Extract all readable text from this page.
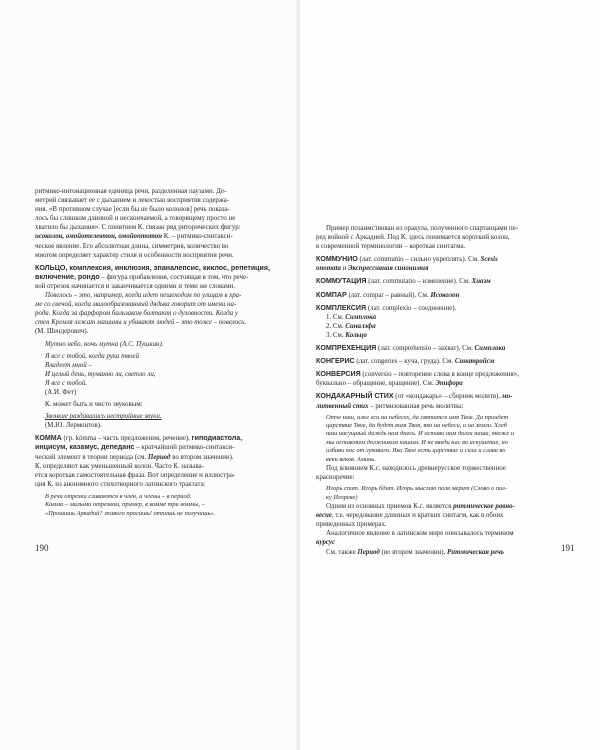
ритмико-интонационная единица речи, разделенная паузами. Де-

метрий связывает ее с дыханием и лекостью восприятия содержа-

ния. «В противном случае [если бы не было колонов] речь показа-

лось бы слишком длинной и нескончаемой, а говорящему просто не

хватило бы дыхания». С понятием К. связан ряд риторических фигур:

исоколон, омойотелевтон, омойоптотон К. – ритмико-синтакси-

ческое явление. Его абсолютная длина, симметрия, количество во

многом определяет характер стиля и особенности восприятия речи.

КОЛЬЦО, комплексия, инклюзия, эпаналепсис, киклос, репетиция,

включение, рондо – фигура прибавления, состоящая в том, что рече-

вой отрезок начинается и заканчивается одними и теми же словами.

Повелось – это, например, когда идет пешеходом по улицам в хра-

ме со свечой, когда малообразованный дядька говорит от имени на-

рода. Когда за фарфором бальзаком болтают о духовности. Когда у

стен Кремля лежат машины и убивают людей – это тоже – повелось.

(М. Шендерович).

Мутно небо, ночь мутна (А.С. Пушкин).

Я все с тобой, когда рука твоей

Владеет мной –

И целый день, туманно ли, светло ли,

Я все с тобой.

(А.И. Фет)

К. может быть и чисто звуковым:

Звонкие раздавались нестройные звуки.

(М.Ю. Лермонтов).

КОММА (гр. kómma – часть предложения, речение), гиподиастола,

инцисум, казамус, депеданс – кратчайший ритмико-синтакси-

ческий элемент в теории периода (см. Период во втором значении).

К. определяют как уменьшенный колон. Часто К. называ-

ется короткая самостоятельная фраза. Вот определение и иллюстра-

ция К. из анонимного стихотворного латинского трактата:

В речи отрезки сливаются в член, а члены – в период.

Комма – малыми отрезком, пример, в комме три коммы, –

«Прошишь Аркадий? живого просишь! отпишь не получишь».

190

Пример позаимствован из оракула, полученного спартанцами пе-

ред войной с Аркадией. Под К. здесь понимается короткий колон,

в современной терминологии – короткая синтагма.

КОММУНИО (лат. communio – сильно укреплять). См. Scesis

onomata и Экспрессивная синонимия

КОММУТАЦИЯ (лат. commutatio – изменение). См. Хиазм

КОМПАР (лат. compar – равный). См. Исоколон

КОМПЛЕКСИЯ (лат. complexio – соединение).

1. См. Симплока

2. См. Синалэфа

3. См. Кольцо

КОМПРЕХЕНЦИЯ (лат. comprehensio – захват). См. Симплока

КОНГЕРИС (лат. congeries – куча, груда). См. Синатройсм

КОНВЕРСИЯ (conversio – повторение слова в конце предложения»,

буквально – обращение, вращение). См. Эпифора

КОНДАКАРНЫЙ СТИХ (от «кондакарь» – сборник молитв), мо-

литвенный стих – ритмизованная речь молитвы:

Отче наш, иже еси на небесех, да святится имя Твое. Да приидет

царствие Твое, да будет воля Твоя, яко на небеси, и на земли. Хлеб

наш насущный даждь нам днесь. И остави нам долги наша, якоже и

мы оставляем должником нашим. И не введи нас во искушение, но

избави нас от лукаваго. Яко Твое есть царствие и сила и слава во

веки веков. Аминь.

Под влиянием К.с. находилось древнерусское торжественное

красноречие:

Игорь спит. Игорь бдит. Игорь мыслию поля мерит (Слово о пол-

ку Игореве)

Одним из основных приемов К.с. является ритмическое равно-

весие, т.е. чередование длинных и кратких синтагм, как в обоих

приведенных примерах.

Аналогичное явление в латинском мире описывалось термином

курсус

См. также Период (во втором значении), Ритмическая речь	191
